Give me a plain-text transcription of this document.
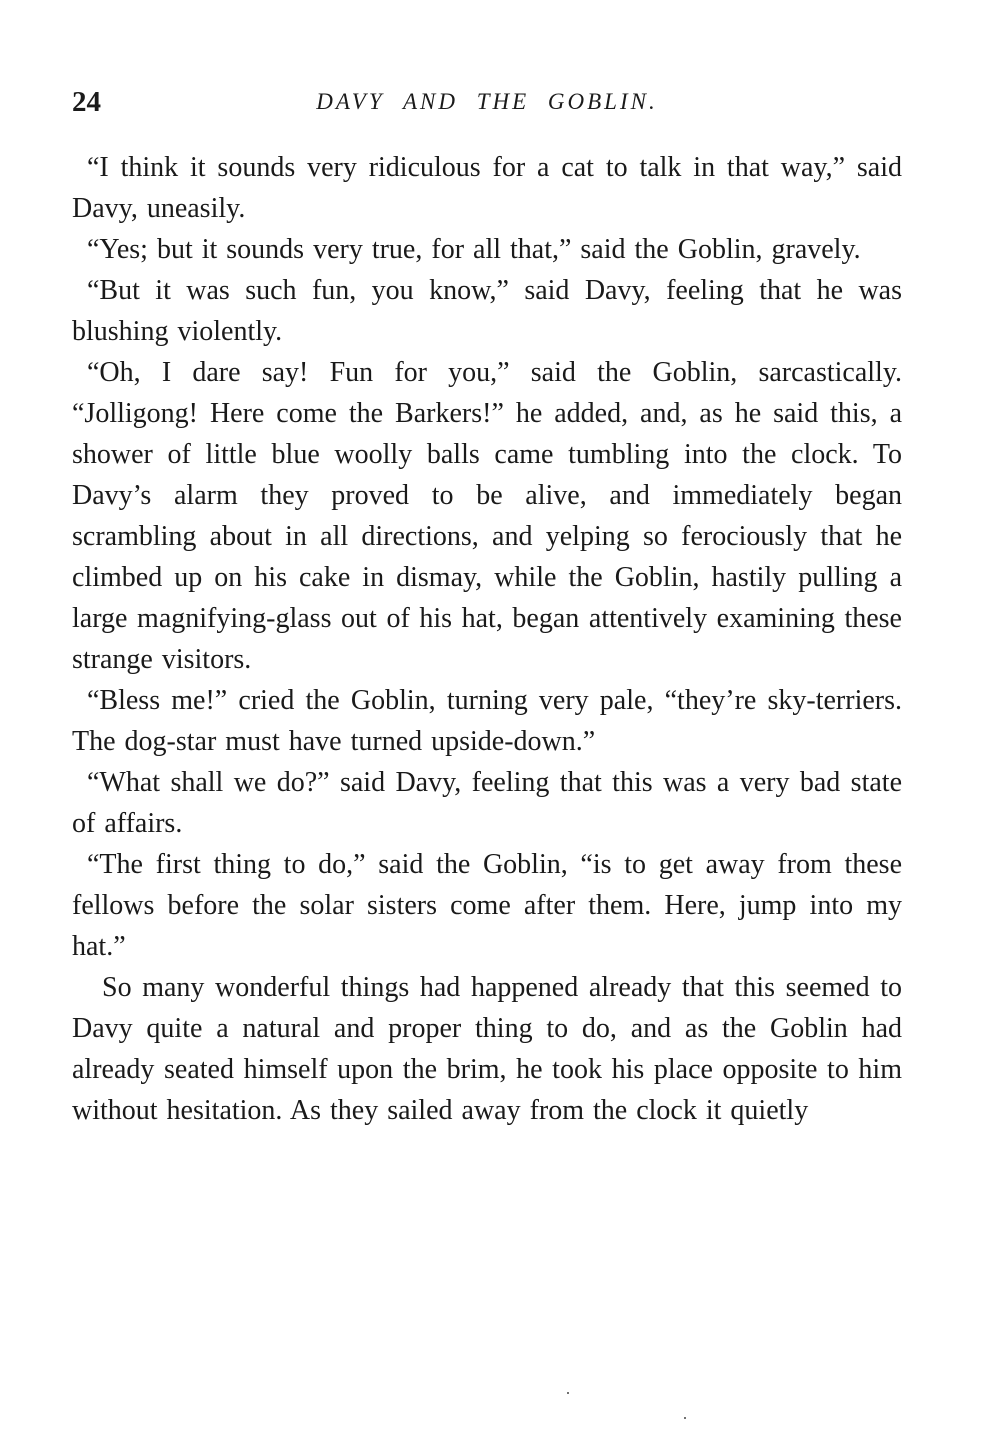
24	DAVY AND THE GOBLIN.

“I think it sounds very ridiculous for a cat to talk in that way,” said Davy, uneasily.

“Yes; but it sounds very true, for all that,” said the Goblin, gravely.

“But it was such fun, you know,” said Davy, feeling that he was blushing violently.

“Oh, I dare say! Fun for you,” said the Goblin, sarcastically. “Jolligong! Here come the Barkers!” he added, and, as he said this, a shower of little blue woolly balls came tumbling into the clock. To Davy’s alarm they proved to be alive, and immediately began scrambling about in all directions, and yelping so ferociously that he climbed up on his cake in dismay, while the Goblin, hastily pulling a large magnifying-glass out of his hat, began attentively examining these strange visitors.

“Bless me!” cried the Goblin, turning very pale, “they’re sky-terriers. The dog-star must have turned upside-down.”

“What shall we do?” said Davy, feeling that this was a very bad state of affairs.

“The first thing to do,” said the Goblin, “is to get away from these fellows before the solar sisters come after them. Here, jump into my hat.”

So many wonderful things had happened already that this seemed to Davy quite a natural and proper thing to do, and as the Goblin had already seated himself upon the brim, he took his place opposite to him without hesitation. As they sailed away from the clock it quietly
